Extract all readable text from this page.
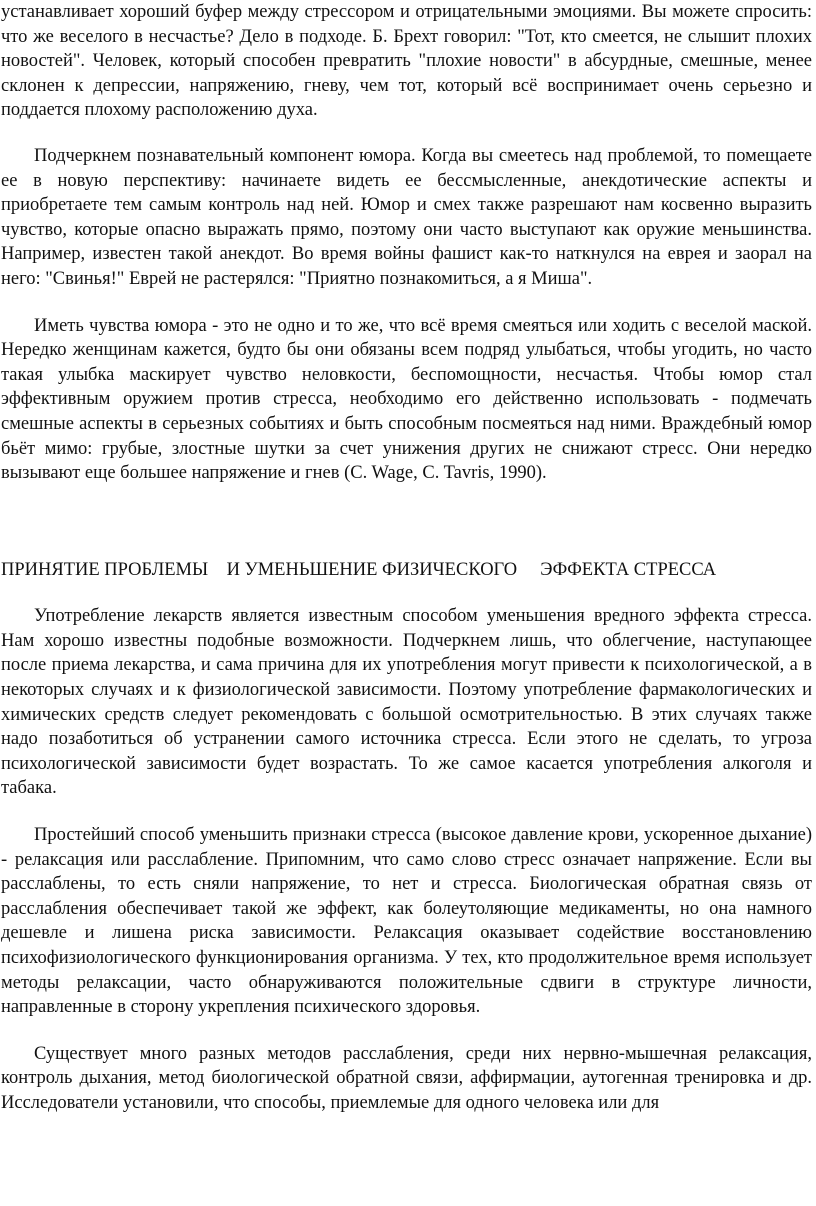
устанавливает хороший буфер между стрессором и отрицательными эмоциями. Вы можете спросить: что же веселого в несчастье? Дело в подходе. Б. Брехт говорил: "Тот, кто смеется, не слышит плохих новостей". Человек, который способен превратить "плохие новости" в абсурдные, смешные, менее склонен к депрессии, напряжению, гневу, чем тот, который всё воспринимает очень серьезно и поддается плохому расположению духа.

Подчеркнем познавательный компонент юмора. Когда вы смеетесь над проблемой, то помещаете ее в новую перспективу: начинаете видеть ее бессмысленные, анекдотические аспекты и приобретаете тем самым контроль над ней. Юмор и смех также разрешают нам косвенно выразить чувство, которые опасно выражать прямо, поэтому они часто выступают как оружие меньшинства. Например, известен такой анекдот. Во время войны фашист как-то наткнулся на еврея и заорал на него: "Свинья!" Еврей не растерялся: "Приятно познакомиться, а я Миша".

Иметь чувства юмора - это не одно и то же, что всё время смеяться или ходить с веселой маской. Нередко женщинам кажется, будто бы они обязаны всем подряд улыбаться, чтобы угодить, но часто такая улыбка маскирует чувство неловкости, беспомощности, несчастья. Чтобы юмор стал эффективным оружием против стресса, необходимо его действенно использовать - подмечать смешные аспекты в серьезных событиях и быть способным посмеяться над ними. Враждебный юмор бьёт мимо: грубые, злостные шутки за счет унижения других не снижают стресс. Они нередко вызывают еще большее напряжение и гнев (C. Wage, C. Tavris, 1990).

ПРИНЯТИЕ ПРОБЛЕМЫ    И УМЕНЬШЕНИЕ ФИЗИЧЕСКОГО     ЭФФЕКТА СТРЕССА

Употребление лекарств является известным способом уменьшения вредного эффекта стресса. Нам хорошо известны подобные возможности. Подчеркнем лишь, что облегчение, наступающее после приема лекарства, и сама причина для их употребления могут привести к психологической, а в некоторых случаях и к физиологической зависимости. Поэтому употребление фармакологических и химических средств следует рекомендовать с большой осмотрительностью. В этих случаях также надо позаботиться об устранении самого источника стресса. Если этого не сделать, то угроза психологической зависимости будет возрастать. То же самое касается употребления алкоголя и табака.

Простейший способ уменьшить признаки стресса (высокое давление крови, ускоренное дыхание) - релаксация или расслабление. Припомним, что само слово стресс означает напряжение. Если вы расслаблены, то есть сняли напряжение, то нет и стресса. Биологическая обратная связь от расслабления обеспечивает такой же эффект, как болеутоляющие медикаменты, но она намного дешевле и лишена риска зависимости. Релаксация оказывает содействие восстановлению психофизиологического функционирования организма. У тех, кто продолжительное время использует методы релаксации, часто обнаруживаются положительные сдвиги в структуре личности, направленные в сторону укрепления психического здоровья.

Существует много разных методов расслабления, среди них нервно-мышечная релаксация, контроль дыхания, метод биологической обратной связи, аффирмации, аутогенная тренировка и др. Исследователи установили, что способы, приемлемые для одного человека или для
